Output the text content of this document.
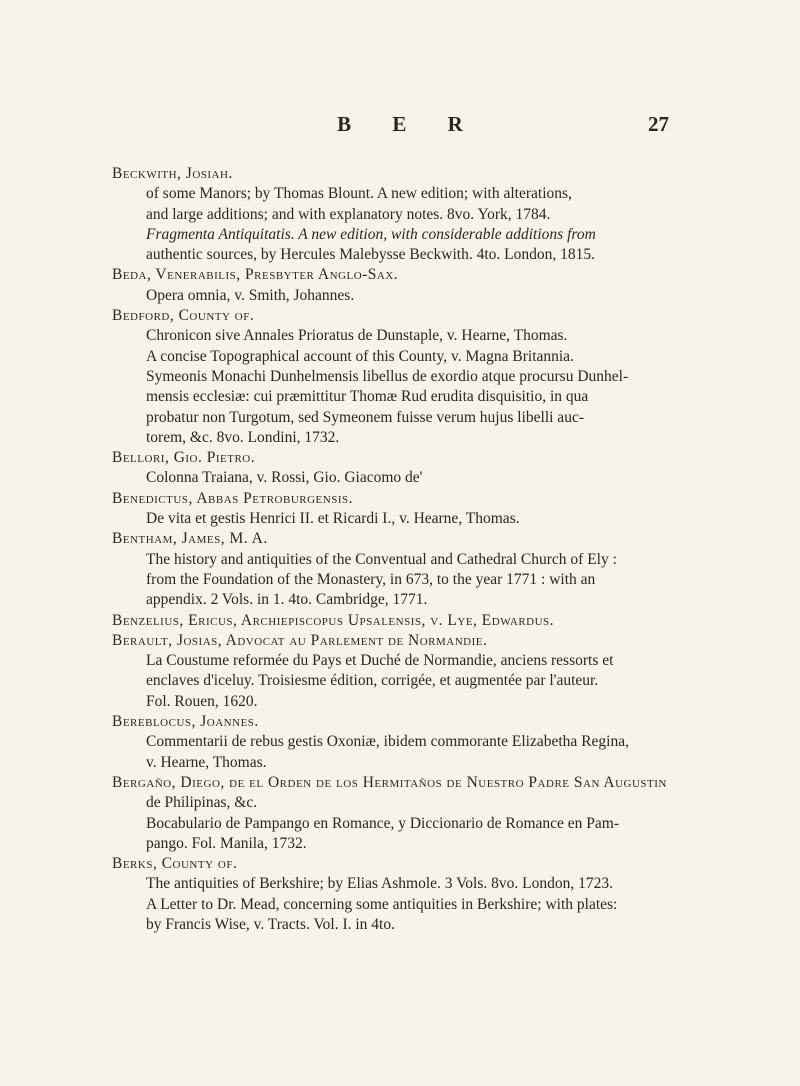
B E R	27
Beckwith, Josiah.
of some Manors; by Thomas Blount. A new edition; with alterations,
and large additions; and with explanatory notes. 8vo. York, 1784.
Fragmenta Antiquitatis. A new edition, with considerable additions from
authentic sources, by Hercules Malebysse Beckwith. 4to. London, 1815.
Beda, Venerabilis, Presbyter Anglo-Sax.
Opera omnia, v. Smith, Johannes.
Bedford, County of.
Chronicon sive Annales Prioratus de Dunstaple, v. Hearne, Thomas.
A concise Topographical account of this County, v. Magna Britannia.
Symeonis Monachi Dunhelmensis libellus de exordio atque procursu Dunhel-
mensis ecclesiæ: cui præmittitur Thomæ Rud erudita disquisitio, in qua
probatur non Turgotum, sed Symeonem fuisse verum hujus libelli auc-
torem, &c. 8vo. Londini, 1732.
Bellori, Gio. Pietro.
Colonna Traiana, v. Rossi, Gio. Giacomo de'
Benedictus, Abbas Petroburgensis.
De vita et gestis Henrici II. et Ricardi I., v. Hearne, Thomas.
Bentham, James, M. A.
The history and antiquities of the Conventual and Cathedral Church of Ely :
from the Foundation of the Monastery, in 673, to the year 1771 : with an
appendix. 2 Vols. in 1. 4to. Cambridge, 1771.
Benzelius, Ericus, Archiepiscopus Upsalensis, v. Lye, Edwardus.
Berault, Josias, Advocat au Parlement de Normandie.
La Coustume reformée du Pays et Duché de Normandie, anciens ressorts et
enclaves d'iceluy. Troisiesme édition, corrigée, et augmentée par l'auteur.
Fol. Rouen, 1620.
Bereblocus, Joannes.
Commentarii de rebus gestis Oxoniæ, ibidem commorante Elizabetha Regina,
v. Hearne, Thomas.
Bergaño, Diego, de el Orden de los Hermitaños de Nuestro Padre San Augustin
de Philipinas, &c.
Bocabulario de Pampango en Romance, y Diccionario de Romance en Pam-
pango. Fol. Manila, 1732.
Berks, County of.
The antiquities of Berkshire; by Elias Ashmole. 3 Vols. 8vo. London, 1723.
A Letter to Dr. Mead, concerning some antiquities in Berkshire; with plates:
by Francis Wise, v. Tracts. Vol. I. in 4to.
